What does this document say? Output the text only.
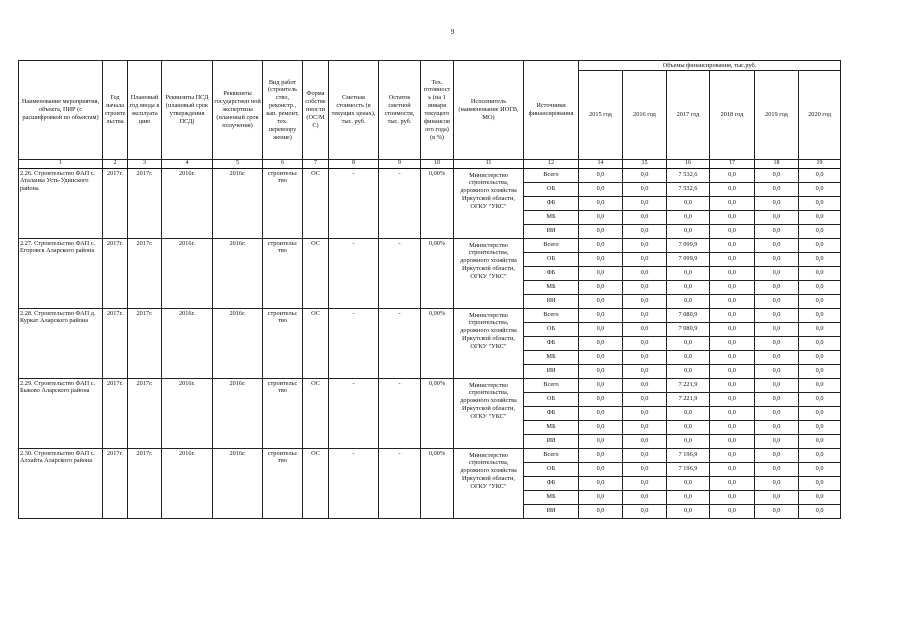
9
Наименование мероприятия, объекта, ПИР (с расшифровкой по объектам)	Год начала строите льства	Плановый год ввода в эксплуата цию	Реквизиты ПСД (плановый срок утверждения ПСД)	Реквизиты государствен ной экспертизы (плановый срок получения)	Вид работ (строитель ство, реконстр., кап. ремонт, тех. перевоору жение)	Форма собстве нности (ОС/М С)	Сметная стоимость (в текущих ценах), тыс. руб.	Остаток сметной стоимости, тыс. руб.	Тех. готовност ь (на 1 января текущего финансов ого года) (в %)	Исполнитель (наименование ИОГВ, МО)	Источники финансирования	Объемы финансирования, тыс.руб.					
												2015 год	2016 год	2017 год	2018 год	2019 год	2020 год
1	2	3	4	5	6	7	8	9	10	11	12	14	15	16	17	18	19
2.26. Строительство ФАП с. Аталанка Усть-Удинского района	2017г.	2017г.	2016г.	2016г.	строительс тво	ОС	-	-	0,00%	Министерство строительства, дорожного хозяйства Иркутской области, ОГКУ "УКС"	Всего	0,0	0,0	7 532,6	0,0	0,0	0,0
											ОБ	0,0	0,0	7 532,6	0,0	0,0	0,0
											ФБ	0,0	0,0	0,0	0,0	0,0	0,0
											МБ	0,0	0,0	0,0	0,0	0,0	0,0
											ИИ	0,0	0,0	0,0	0,0	0,0	0,0
2.27. Строительство ФАП с. Егоровск Аларского района	2017г.	2017г.	2016г.	2016г.	строительс тво	ОС	-	-	0,00%	Министерство строительства, дорожного хозяйства Иркутской области, ОГКУ "УКС"	Всего	0,0	0,0	7 099,9	0,0	0,0	0,0
											ОБ	0,0	0,0	7 099,9	0,0	0,0	0,0
											ФБ	0,0	0,0	0,0	0,0	0,0	0,0
											МБ	0,0	0,0	0,0	0,0	0,0	0,0
											ИИ	0,0	0,0	0,0	0,0	0,0	0,0
2.28. Строительство ФАП д. Куркат Аларского района	2017г.	2017г.	2016г.	2016г.	строительс тво	ОС	-	-	0,00%	Министерство строительства, дорожного хозяйства Иркутской области, ОГКУ "УКС"	Всего	0,0	0,0	7 080,9	0,0	0,0	0,0
											ОБ	0,0	0,0	7 080,9	0,0	0,0	0,0
											ФБ	0,0	0,0	0,0	0,0	0,0	0,0
											МБ	0,0	0,0	0,0	0,0	0,0	0,0
											ИИ	0,0	0,0	0,0	0,0	0,0	0,0
2.29. Строительство ФАП с. Быково Аларского района	2017г.	2017г.	2016г.	2016г.	строительс тво	ОС	-	-	0,00%	Министерство строительства, дорожного хозяйства Иркутской области, ОГКУ "УКС"	Всего	0,0	0,0	7 221,9	0,0	0,0	0,0
											ОБ	0,0	0,0	7 221,9	0,0	0,0	0,0
											ФБ	0,0	0,0	0,0	0,0	0,0	0,0
											МБ	0,0	0,0	0,0	0,0	0,0	0,0
											ИИ	0,0	0,0	0,0	0,0	0,0	0,0
2.30. Строительство ФАП с. Алхайта Аларского района	2017г.	2017г.	2016г.	2016г.	строительс тво	ОС	-	-	0,00%	Министерство строительства, дорожного хозяйства Иркутской области, ОГКУ "УКС"	Всего	0,0	0,0	7 196,9	0,0	0,0	0,0
											ОБ	0,0	0,0	7 196,9	0,0	0,0	0,0
											ФБ	0,0	0,0	0,0	0,0	0,0	0,0
											МБ	0,0	0,0	0,0	0,0	0,0	0,0
											ИИ	0,0	0,0	0,0	0,0	0,0	0,0
